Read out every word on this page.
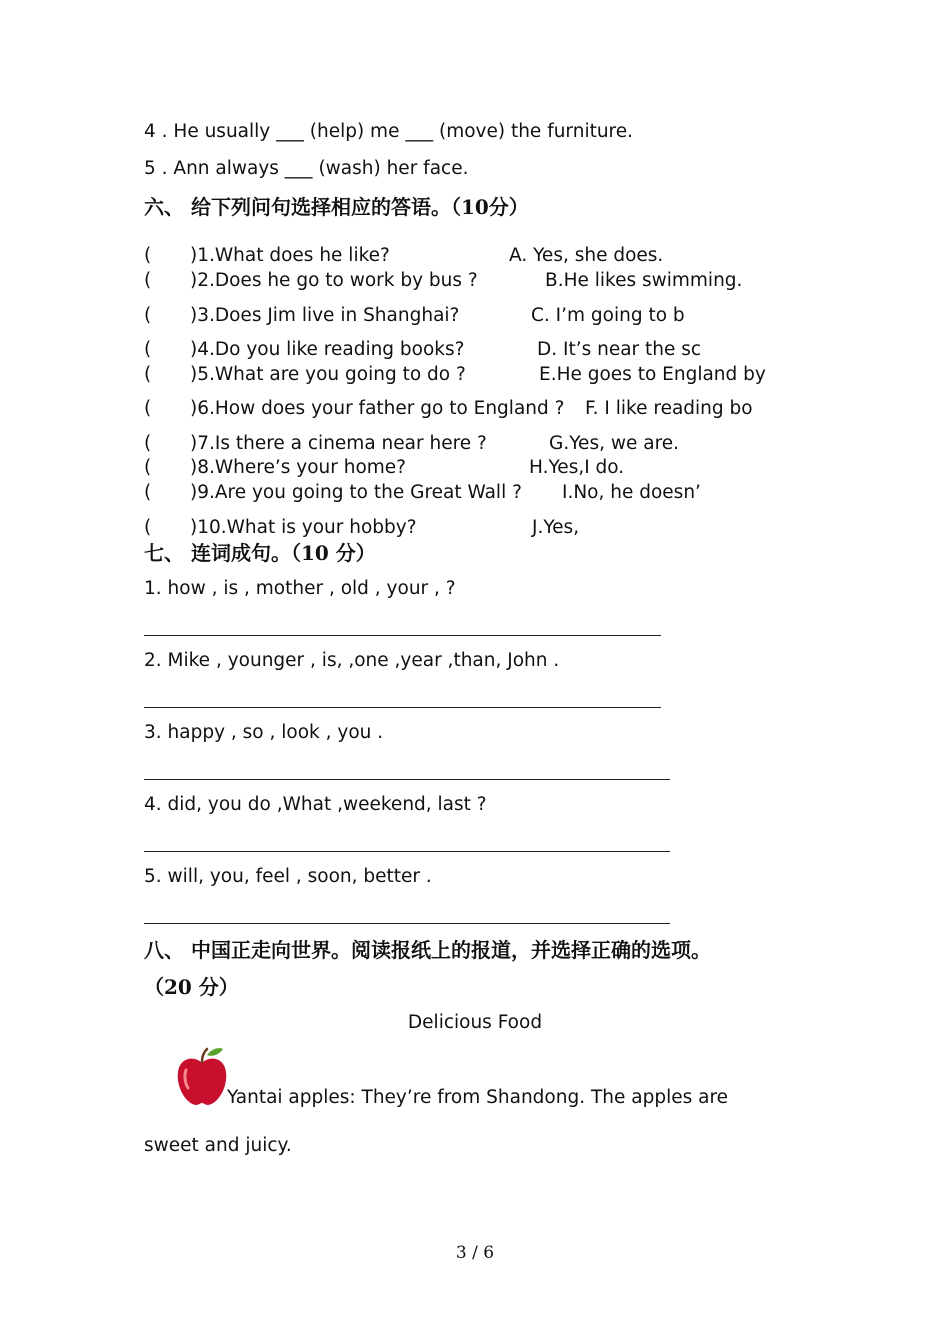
4 . He usually ___ (help) me ___ (move) the furniture.
5 . Ann always ___ (wash) her face.
六、 给下列问句选择相应的答语。（10分）
( )1.What does he like?	A. Yes, she does.
( )2.Does he go to work by bus ?	B.He likes swimming.
( )3.Does Jim live in Shanghai?	C. I’m going to b
( )4.Do you like reading books?	D. It’s near the sc
( )5.What are you going to do ?	E.He goes to England by
( )6.How does your father go to England ? F. I like reading bo
( )7.Is there a cinema near here ?	G.Yes, we are.
( )8.Where’s your home?	H.Yes,I do.
( )9.Are you going to the Great Wall ? I.No, he doesn’
( )10.What is your hobby?	J.Yes,
七、 连词成句。（10 分）
1. how , is , mother , old , your , ?
2. Mike , younger , is, ,one ,year ,than, John .
3. happy , so , look , you .
4. did, you do ,What ,weekend, last ?
5. will, you, feel , soon, better .
八、 中国正走向世界。阅读报纸上的报道，并选择正确的选项。
（20 分）
Delicious Food
Yantai apples: They’re from Shandong. The apples are
sweet and juicy.
3 / 6
